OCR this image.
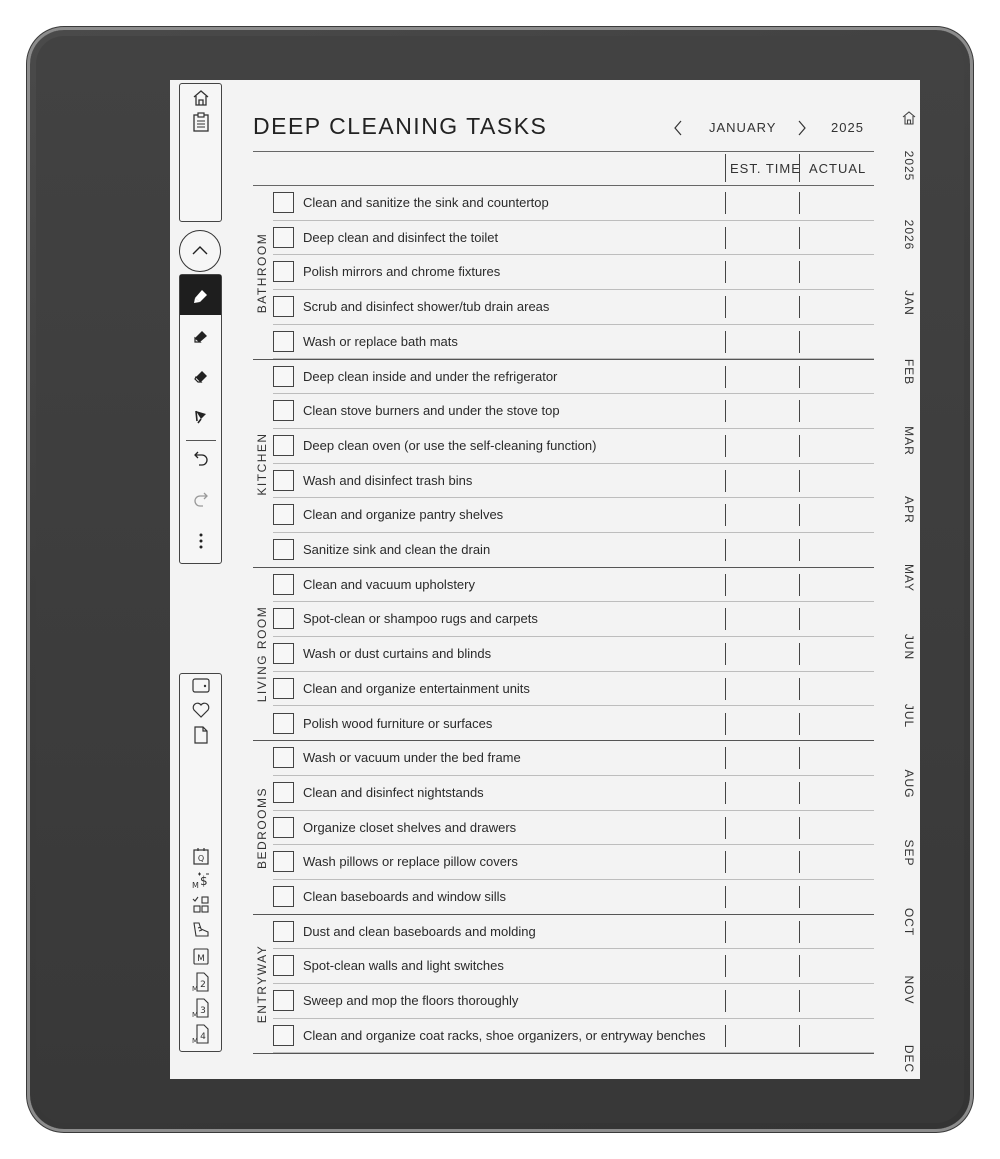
Q
M $
M
M 2
M 3
M 4
DEEP CLEANING TASKS	JANUARY	2025
EST. TIME ACTUAL
Clean and sanitize the sink and countertop
Deep clean and disinfect the toilet
Polish mirrors and chrome fixtures
Scrub and disinfect shower/tub drain areas
Wash or replace bath mats
BATHROOM
Deep clean inside and under the refrigerator
Clean stove burners and under the stove top
Deep clean oven (or use the self-cleaning function)
Wash and disinfect trash bins
Clean and organize pantry shelves
Sanitize sink and clean the drain
KITCHEN
Clean and vacuum upholstery
Spot-clean or shampoo rugs and carpets
Wash or dust curtains and blinds
Clean and organize entertainment units
Polish wood furniture or surfaces
LIVING ROOM
Wash or vacuum under the bed frame
Clean and disinfect nightstands
Organize closet shelves and drawers
Wash pillows or replace pillow covers
Clean baseboards and window sills
BEDROOMS
Dust and clean baseboards and molding
Spot-clean walls and light switches
Sweep and mop the floors thoroughly
Clean and organize coat racks, shoe organizers, or entryway benches
ENTRYWAY
2025
2026
JAN
FEB
MAR
APR
MAY
JUN
JUL
AUG
SEP
OCT
NOV
DEC
